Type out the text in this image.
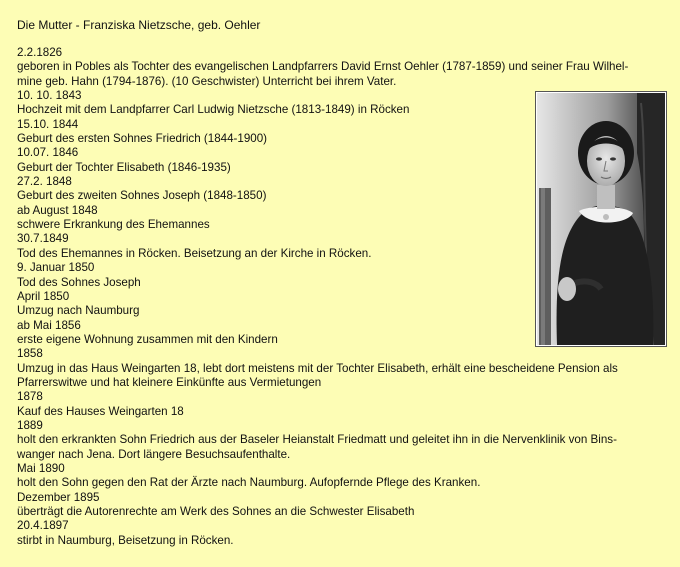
Die Mutter - Franziska Nietzsche, geb. Oehler
2.2.1826
geboren in Pobles als Tochter des evangelischen Landpfarrers David Ernst Oehler (1787-1859) und seiner Frau Wilhel-
mine geb. Hahn (1794-1876). (10 Geschwister) Unterricht bei ihrem Vater.
10. 10. 1843
Hochzeit mit dem Landpfarrer Carl Ludwig Nietzsche (1813-1849) in Röcken
15.10. 1844
Geburt des ersten Sohnes Friedrich (1844-1900)
10.07. 1846
Geburt der Tochter Elisabeth (1846-1935)
27.2. 1848
Geburt des zweiten Sohnes Joseph (1848-1850)
ab August 1848
schwere Erkrankung des Ehemannes
30.7.1849
Tod des Ehemannes in Röcken. Beisetzung an der Kirche in Röcken.
9. Januar 1850
Tod des Sohnes Joseph
April 1850
Umzug nach Naumburg
ab Mai 1856
erste eigene Wohnung zusammen mit den Kindern
1858
Umzug in das Haus Weingarten 18, lebt dort meistens mit der Tochter Elisabeth, erhält eine bescheidene Pension als
Pfarrerswitwe und hat kleinere Einkünfte aus Vermietungen
1878
Kauf des Hauses Weingarten 18
1889
holt den erkrankten Sohn Friedrich aus der Baseler Heianstalt Friedmatt und geleitet ihn in die Nervenklinik von Bins-
wanger nach Jena. Dort längere Besuchsaufenthalte.
Mai 1890
holt den Sohn gegen den Rat der Ärzte nach Naumburg. Aufopfernde Pflege des Kranken.
Dezember 1895
überträgt die Autorenrechte am Werk des Sohnes an die Schwester Elisabeth
20.4.1897
stirbt in Naumburg, Beisetzung in Röcken.
